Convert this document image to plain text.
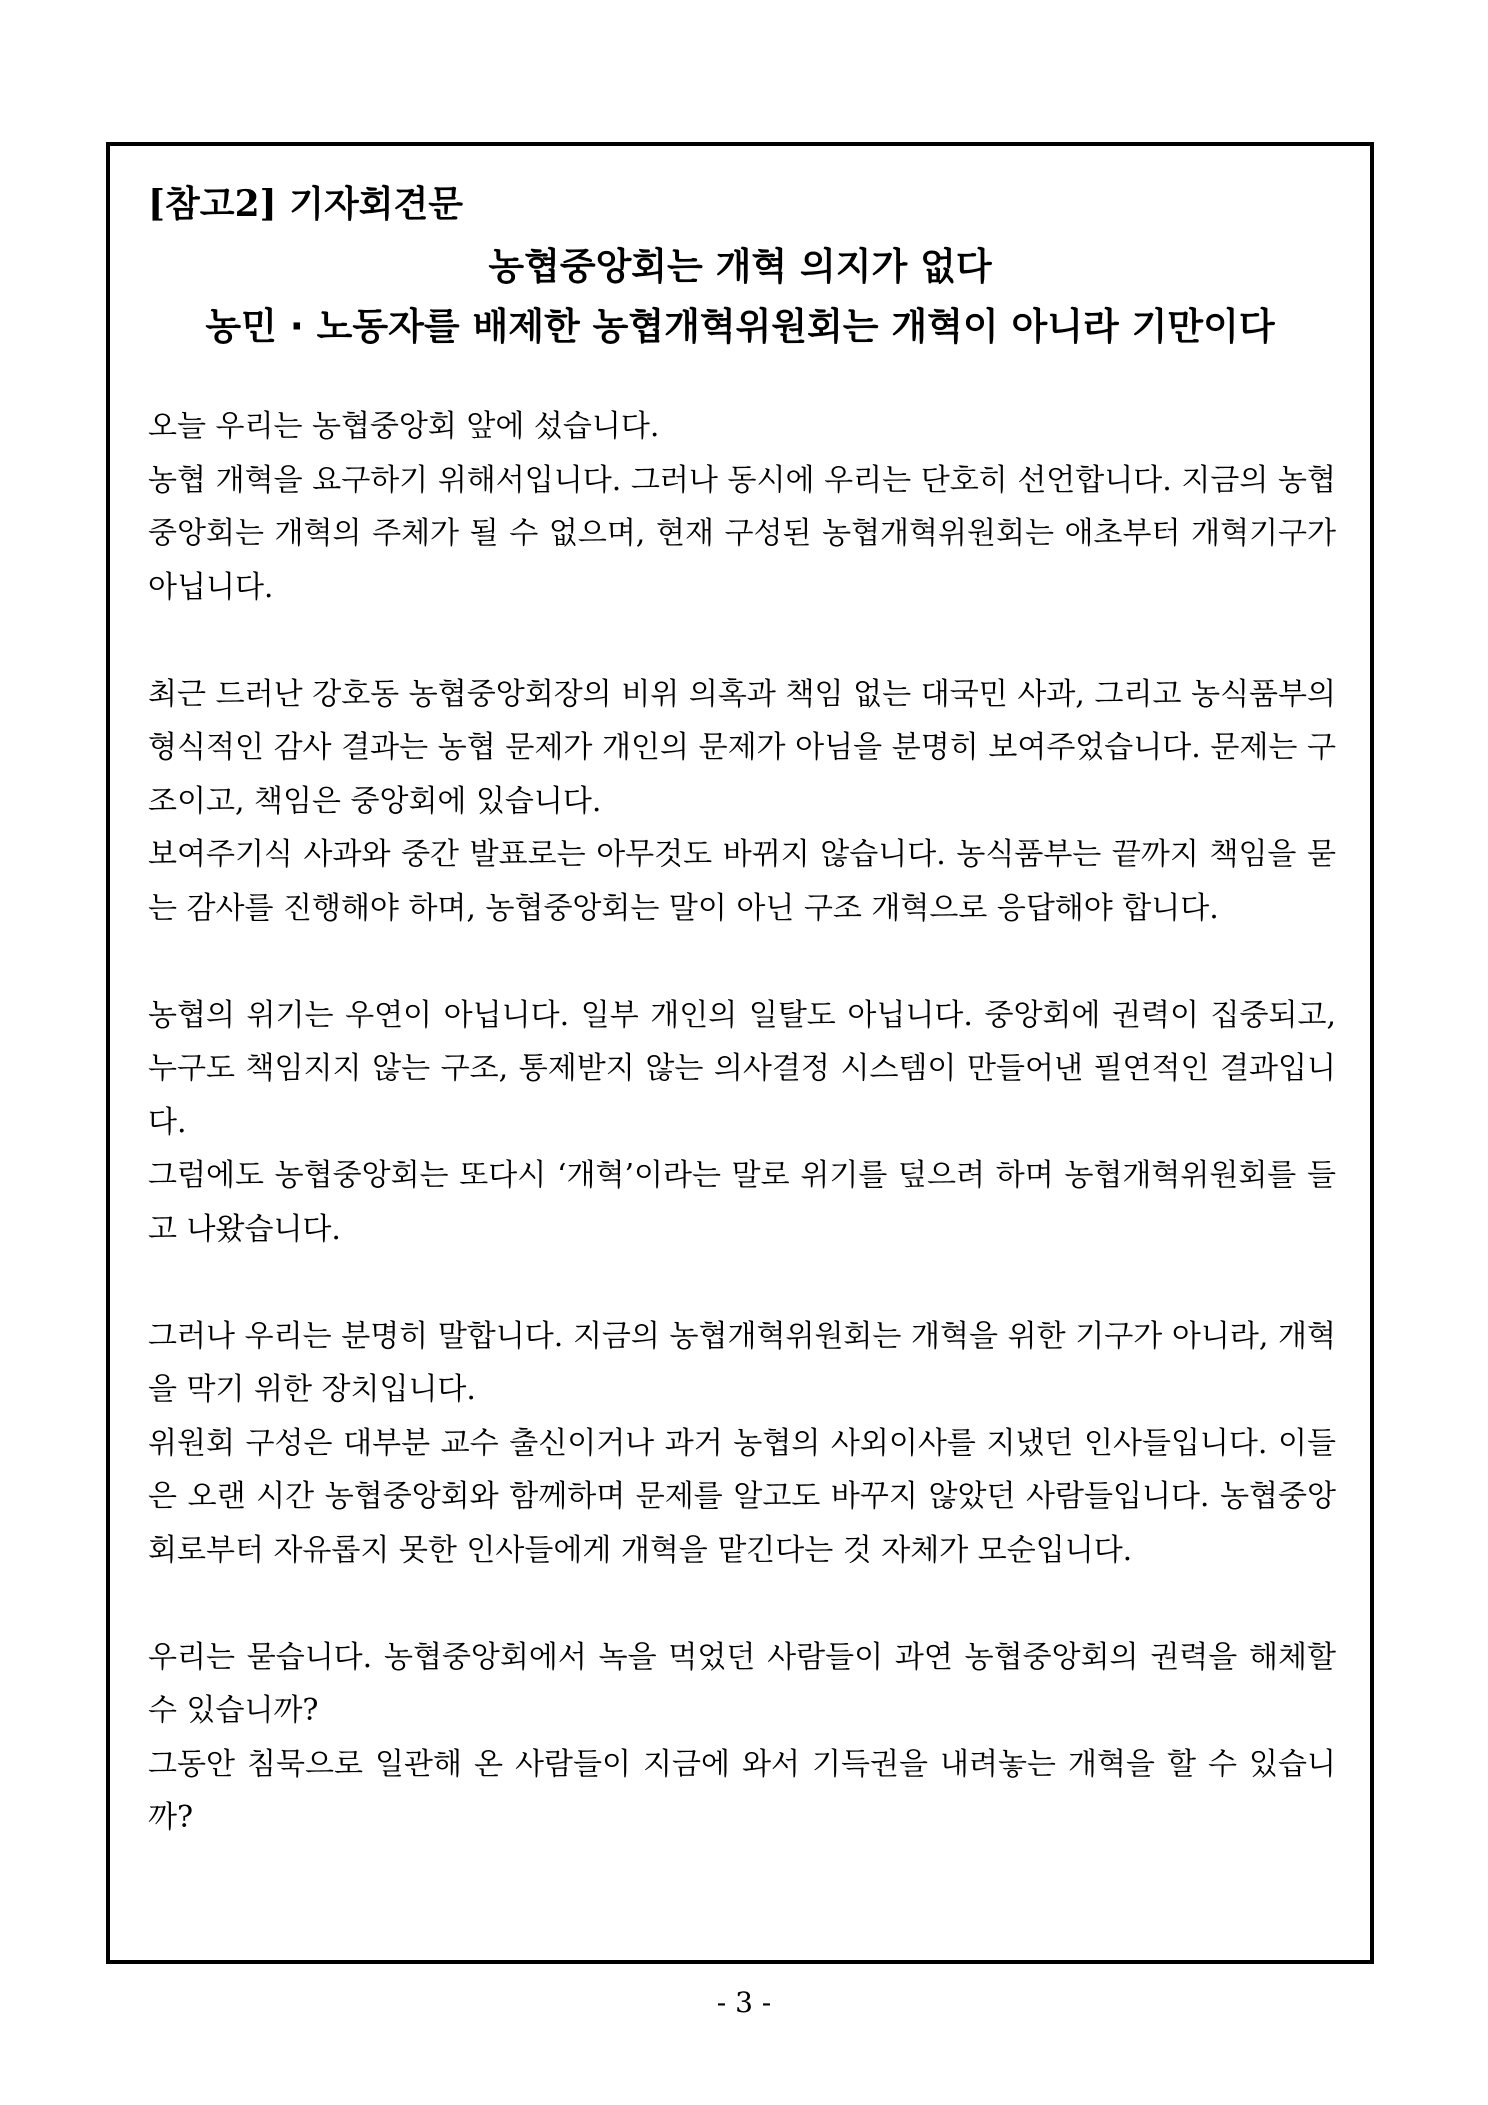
[참고2] 기자회견문
농협중앙회는 개혁 의지가 없다
농민 · 노동자를 배제한 농협개혁위원회는 개혁이 아니라 기만이다

오늘 우리는 농협중앙회 앞에 섰습니다.

농협 개혁을 요구하기 위해서입니다. 그러나 동시에 우리는 단호히 선언합니다. 지금의 농협중앙회는 개혁의 주체가 될 수 없으며, 현재 구성된 농협개혁위원회는 애초부터 개혁기구가 아닙니다.

최근 드러난 강호동 농협중앙회장의 비위 의혹과 책임 없는 대국민 사과, 그리고 농식품부의 형식적인 감사 결과는 농협 문제가 개인의 문제가 아님을 분명히 보여주었습니다. 문제는 구조이고, 책임은 중앙회에 있습니다.

보여주기식 사과와 중간 발표로는 아무것도 바뀌지 않습니다. 농식품부는 끝까지 책임을 묻는 감사를 진행해야 하며, 농협중앙회는 말이 아닌 구조 개혁으로 응답해야 합니다.

농협의 위기는 우연이 아닙니다. 일부 개인의 일탈도 아닙니다. 중앙회에 권력이 집중되고, 누구도 책임지지 않는 구조, 통제받지 않는 의사결정 시스템이 만들어낸 필연적인 결과입니다.

그럼에도 농협중앙회는 또다시 ‘개혁’이라는 말로 위기를 덮으려 하며 농협개혁위원회를 들고 나왔습니다.

그러나 우리는 분명히 말합니다. 지금의 농협개혁위원회는 개혁을 위한 기구가 아니라, 개혁을 막기 위한 장치입니다.

위원회 구성은 대부분 교수 출신이거나 과거 농협의 사외이사를 지냈던 인사들입니다. 이들은 오랜 시간 농협중앙회와 함께하며 문제를 알고도 바꾸지 않았던 사람들입니다. 농협중앙회로부터 자유롭지 못한 인사들에게 개혁을 맡긴다는 것 자체가 모순입니다.

우리는 묻습니다. 농협중앙회에서 녹을 먹었던 사람들이 과연 농협중앙회의 권력을 해체할 수 있습니까?

그동안 침묵으로 일관해 온 사람들이 지금에 와서 기득권을 내려놓는 개혁을 할 수 있습니까?

- 3 -
